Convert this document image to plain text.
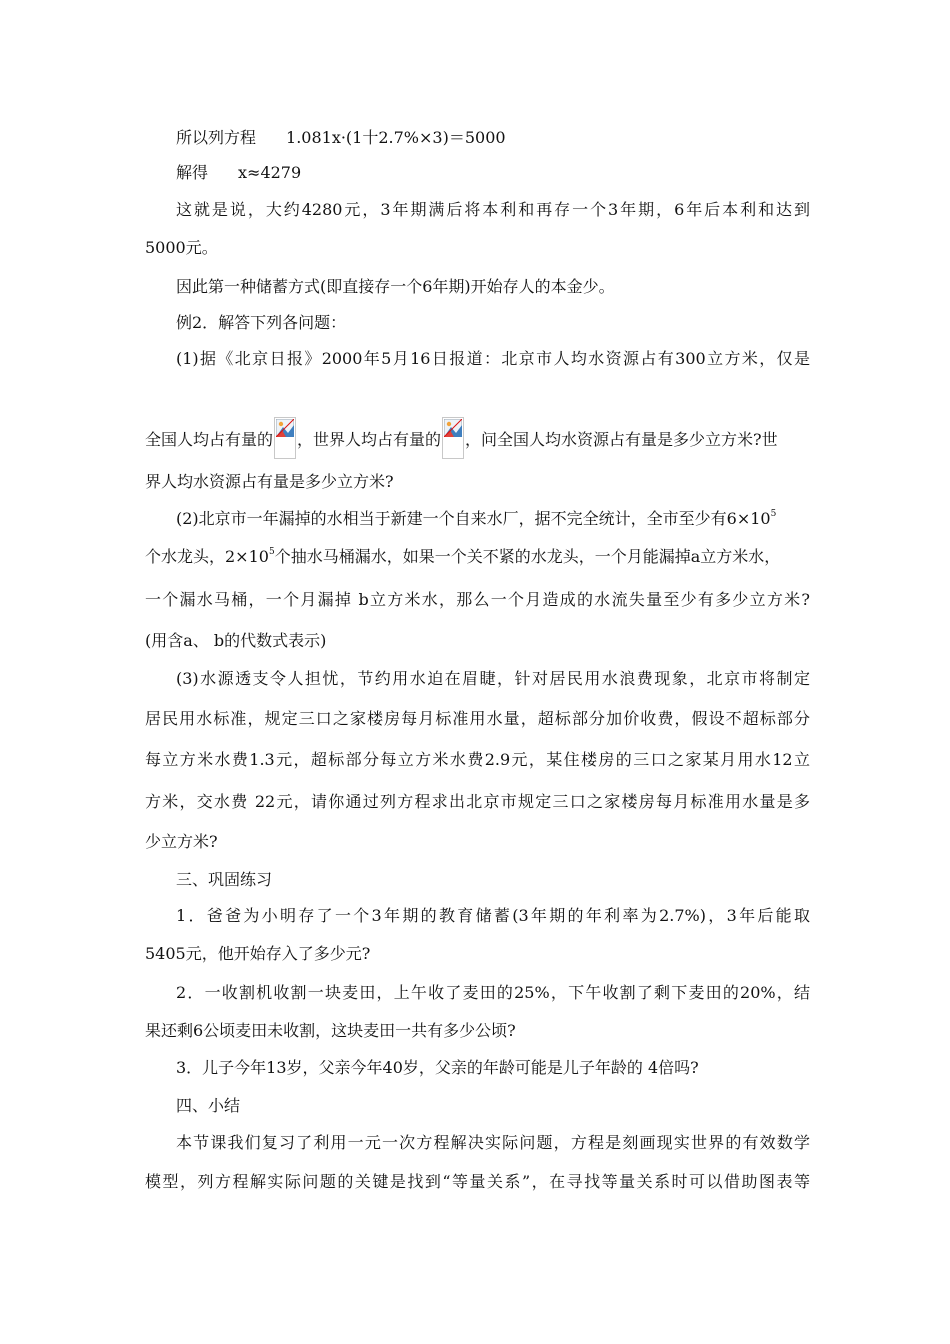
所以列方程 1.081x·(1十2.7%×3)＝5000
解得 x≈4279
这就是说，大约4280元，3年期满后将本利和再存一个3年期，6年后本利和达到
5000元。
因此第一种储蓄方式(即直接存一个6年期)开始存人的本金少。
例2．解答下列各问题：
(1)据《北京日报》2000年5月16日报道：北京市人均水资源占有300立方米，仅是
全国人均占有量的 ，世界人均占有量的 ，问全国人均水资源占有量是多少立方米?世
界人均水资源占有量是多少立方米?
(2)北京市一年漏掉的水相当于新建一个自来水厂，据不完全统计，全市至少有$6\times 10^5$
个水龙头，$2\times 10^5$个抽水马桶漏水，如果一个关不紧的水龙头，一个月能漏掉a立方米水，
一个漏水马桶，一个月漏掉 b立方米水，那么一个月造成的水流失量至少有多少立方米?
(用含a、 b的代数式表示)
(3)水源透支令人担忧，节约用水迫在眉睫，针对居民用水浪费现象，北京市将制定
居民用水标准，规定三口之家楼房每月标准用水量，超标部分加价收费，假设不超标部分
每立方米水费1.3元，超标部分每立方米水费2.9元，某住楼房的三口之家某月用水12立
方米，交水费 22元，请你通过列方程求出北京市规定三口之家楼房每月标准用水量是多
少立方米?
三、巩固练习
1．爸爸为小明存了一个3年期的教育储蓄(3年期的年利率为2.7%)，3年后能取
5405元，他开始存入了多少元?
2．一收割机收割一块麦田，上午收了麦田的25%，下午收割了剩下麦田的20%，结
果还剩6公顷麦田未收割，这块麦田一共有多少公顷?
3．儿子今年13岁，父亲今年40岁，父亲的年龄可能是儿子年龄的 4倍吗?
四、小结
本节课我们复习了利用一元一次方程解决实际问题，方程是刻画现实世界的有效数学
模型，列方程解实际问题的关键是找到“等量关系”，在寻找等量关系时可以借助图表等
